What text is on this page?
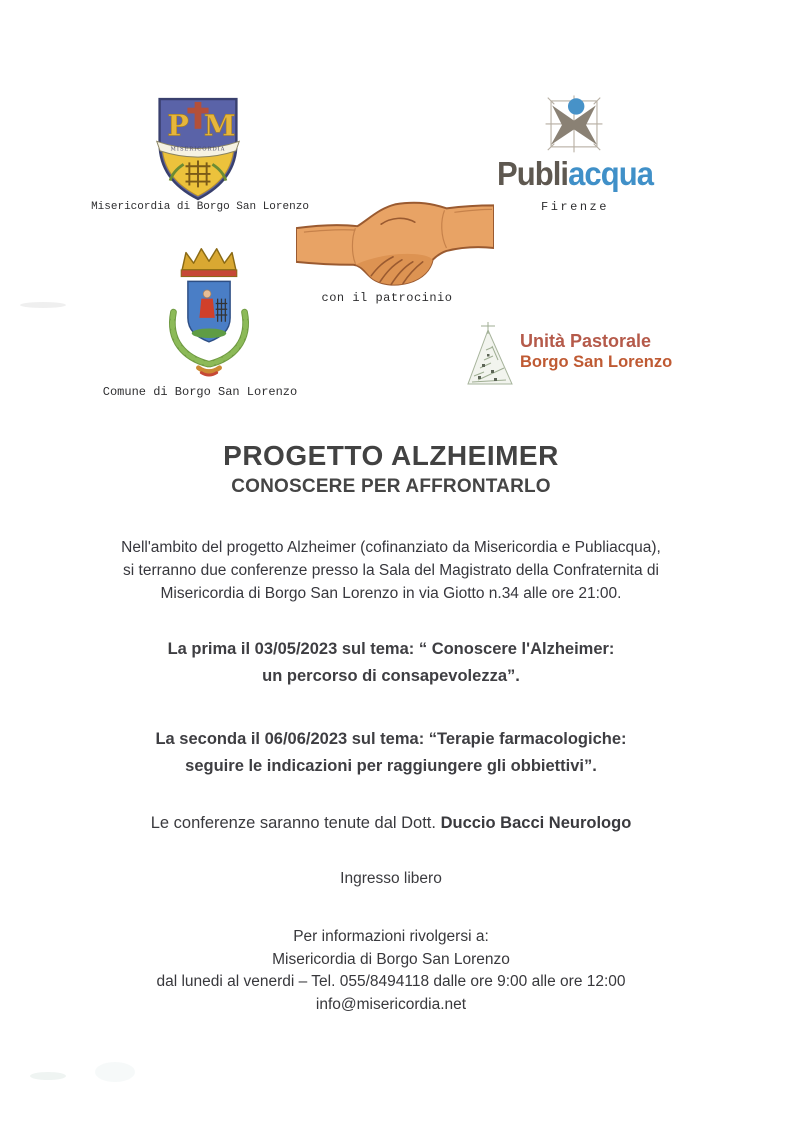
P M
MISERICORDIA
Misericordia di Borgo San Lorenzo
Publiacqua
Firenze
con il patrocinio
Comune di Borgo San Lorenzo
Unità Pastorale
Borgo San Lorenzo
PROGETTO ALZHEIMER
CONOSCERE PER AFFRONTARLO
Nell'ambito del progetto Alzheimer (cofinanziato da Misericordia e Publiacqua),
si terranno due conferenze presso la Sala del Magistrato della Confraternita di
Misericordia di Borgo San Lorenzo in via Giotto n.34 alle ore 21:00.
La prima il 03/05/2023 sul tema: “ Conoscere l'Alzheimer:
un percorso di consapevolezza”.
La seconda il 06/06/2023 sul tema: “Terapie farmacologiche:
seguire le indicazioni per raggiungere gli obbiettivi”.
Le conferenze saranno tenute dal Dott. Duccio Bacci Neurologo
Ingresso libero
Per informazioni rivolgersi a:
Misericordia di Borgo San Lorenzo
dal lunedi al venerdi – Tel. 055/8494118 dalle ore 9:00 alle ore 12:00
info@misericordia.net
